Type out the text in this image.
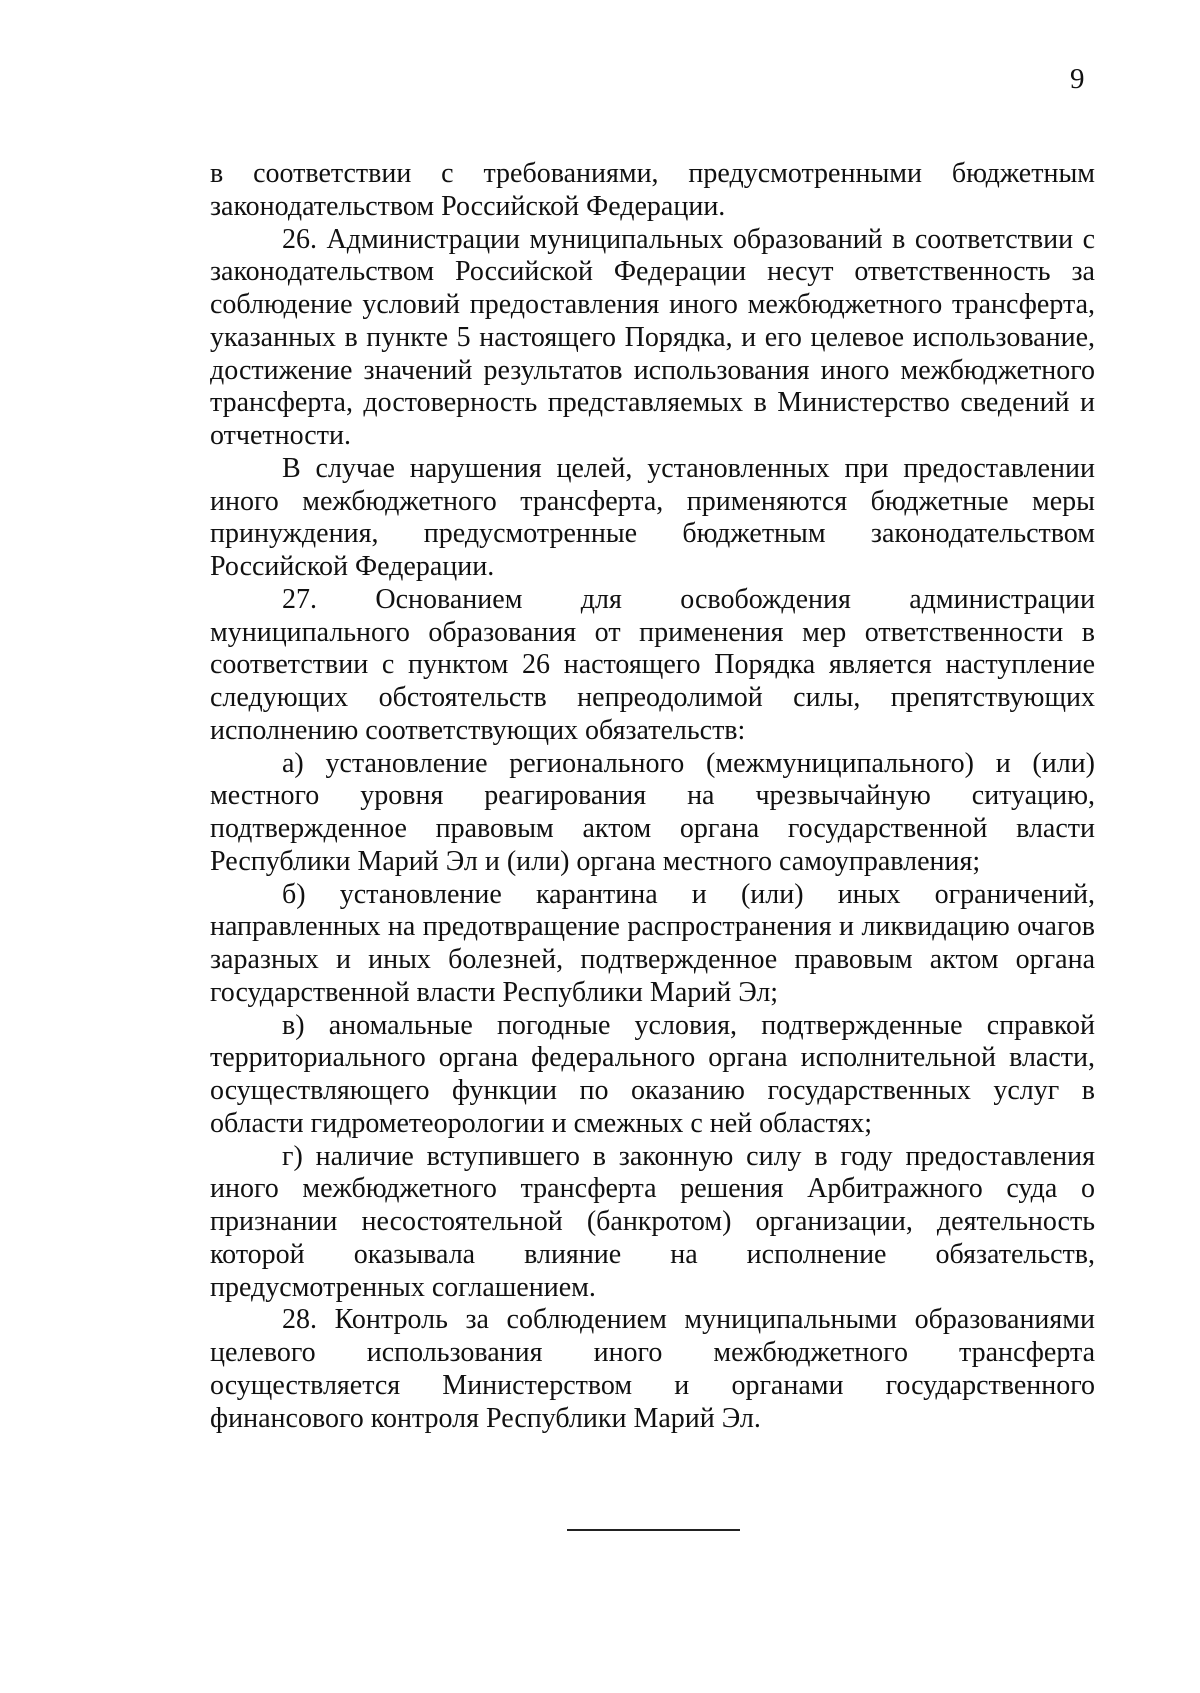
9

в соответствии с требованиями, предусмотренными бюджетным законодательством Российской Федерации.

26. Администрации муниципальных образований в соответствии с законодательством Российской Федерации несут ответственность за соблюдение условий предоставления иного межбюджетного трансферта, указанных в пункте 5 настоящего Порядка, и его целевое использование, достижение значений результатов использования иного межбюджетного трансферта, достоверность представляемых в Министерство сведений и отчетности.

В случае нарушения целей, установленных при предоставлении иного межбюджетного трансферта, применяются бюджетные меры принуждения, предусмотренные бюджетным законодательством Российской Федерации.

27. Основанием для освобождения администрации муниципального образования от применения мер ответственности в соответствии с пунктом 26 настоящего Порядка является наступление следующих обстоятельств непреодолимой силы, препятствующих исполнению соответствующих обязательств:

а) установление регионального (межмуниципального) и (или) местного уровня реагирования на чрезвычайную ситуацию, подтвержденное правовым актом органа государственной власти Республики Марий Эл и (или) органа местного самоуправления;

б) установление карантина и (или) иных ограничений, направленных на предотвращение распространения и ликвидацию очагов заразных и иных болезней, подтвержденное правовым актом органа государственной власти Республики Марий Эл;

в) аномальные погодные условия, подтвержденные справкой территориального органа федерального органа исполнительной власти, осуществляющего функции по оказанию государственных услуг в области гидрометеорологии и смежных с ней областях;

г) наличие вступившего в законную силу в году предоставления иного межбюджетного трансферта решения Арбитражного суда о признании несостоятельной (банкротом) организации, деятельность которой оказывала влияние на исполнение обязательств, предусмотренных соглашением.

28. Контроль за соблюдением муниципальными образованиями целевого использования иного межбюджетного трансферта осуществляется Министерством и органами государственного финансового контроля Республики Марий Эл.
